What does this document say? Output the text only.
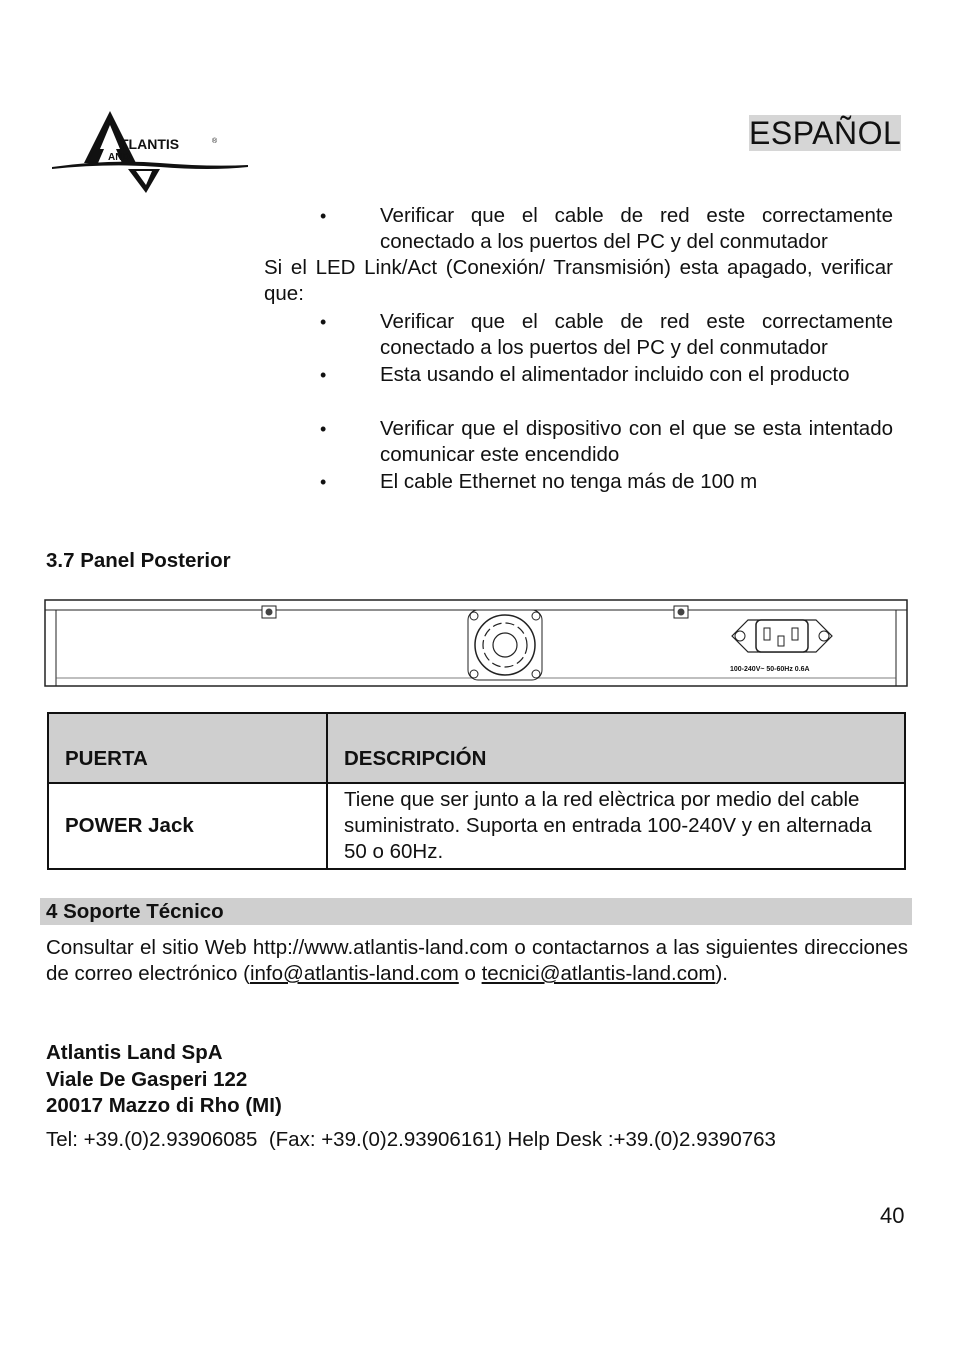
TLANTIS	®
AND
ESPAÑOL
•	Verificar que el cable de red este correctamente conectado a los puertos del PC y del conmutador
Si el LED Link/Act (Conexión/ Transmisión) esta apagado, verificar que:
•	Verificar que el cable de red este correctamente conectado a los puertos del PC y del conmutador
•	Esta usando el alimentador incluido con el producto
•	Verificar que el dispositivo con el que se esta intentado comunicar este encendido
•	El cable Ethernet no tenga más de 100 m
3.7 Panel Posterior
100-240V~ 50-60Hz 0.6A
PUERTA	DESCRIPCIÓN
POWER Jack	Tiene que ser junto a la red elèctrica por medio del cable suministrato. Suporta en entrada 100-240V y en alternada 50 o 60Hz.
4 Soporte Técnico
Consultar el sitio Web http://www.atlantis-land.com o contactarnos a las siguientes direcciones de correo electrónico (info@atlantis-land.com o tecnici@atlantis-land.com).
Atlantis Land SpA
Viale De Gasperi 122
20017 Mazzo di Rho (MI)
Tel: +39.(0)2.93906085  (Fax: +39.(0)2.93906161) Help Desk :+39.(0)2.9390763
40
